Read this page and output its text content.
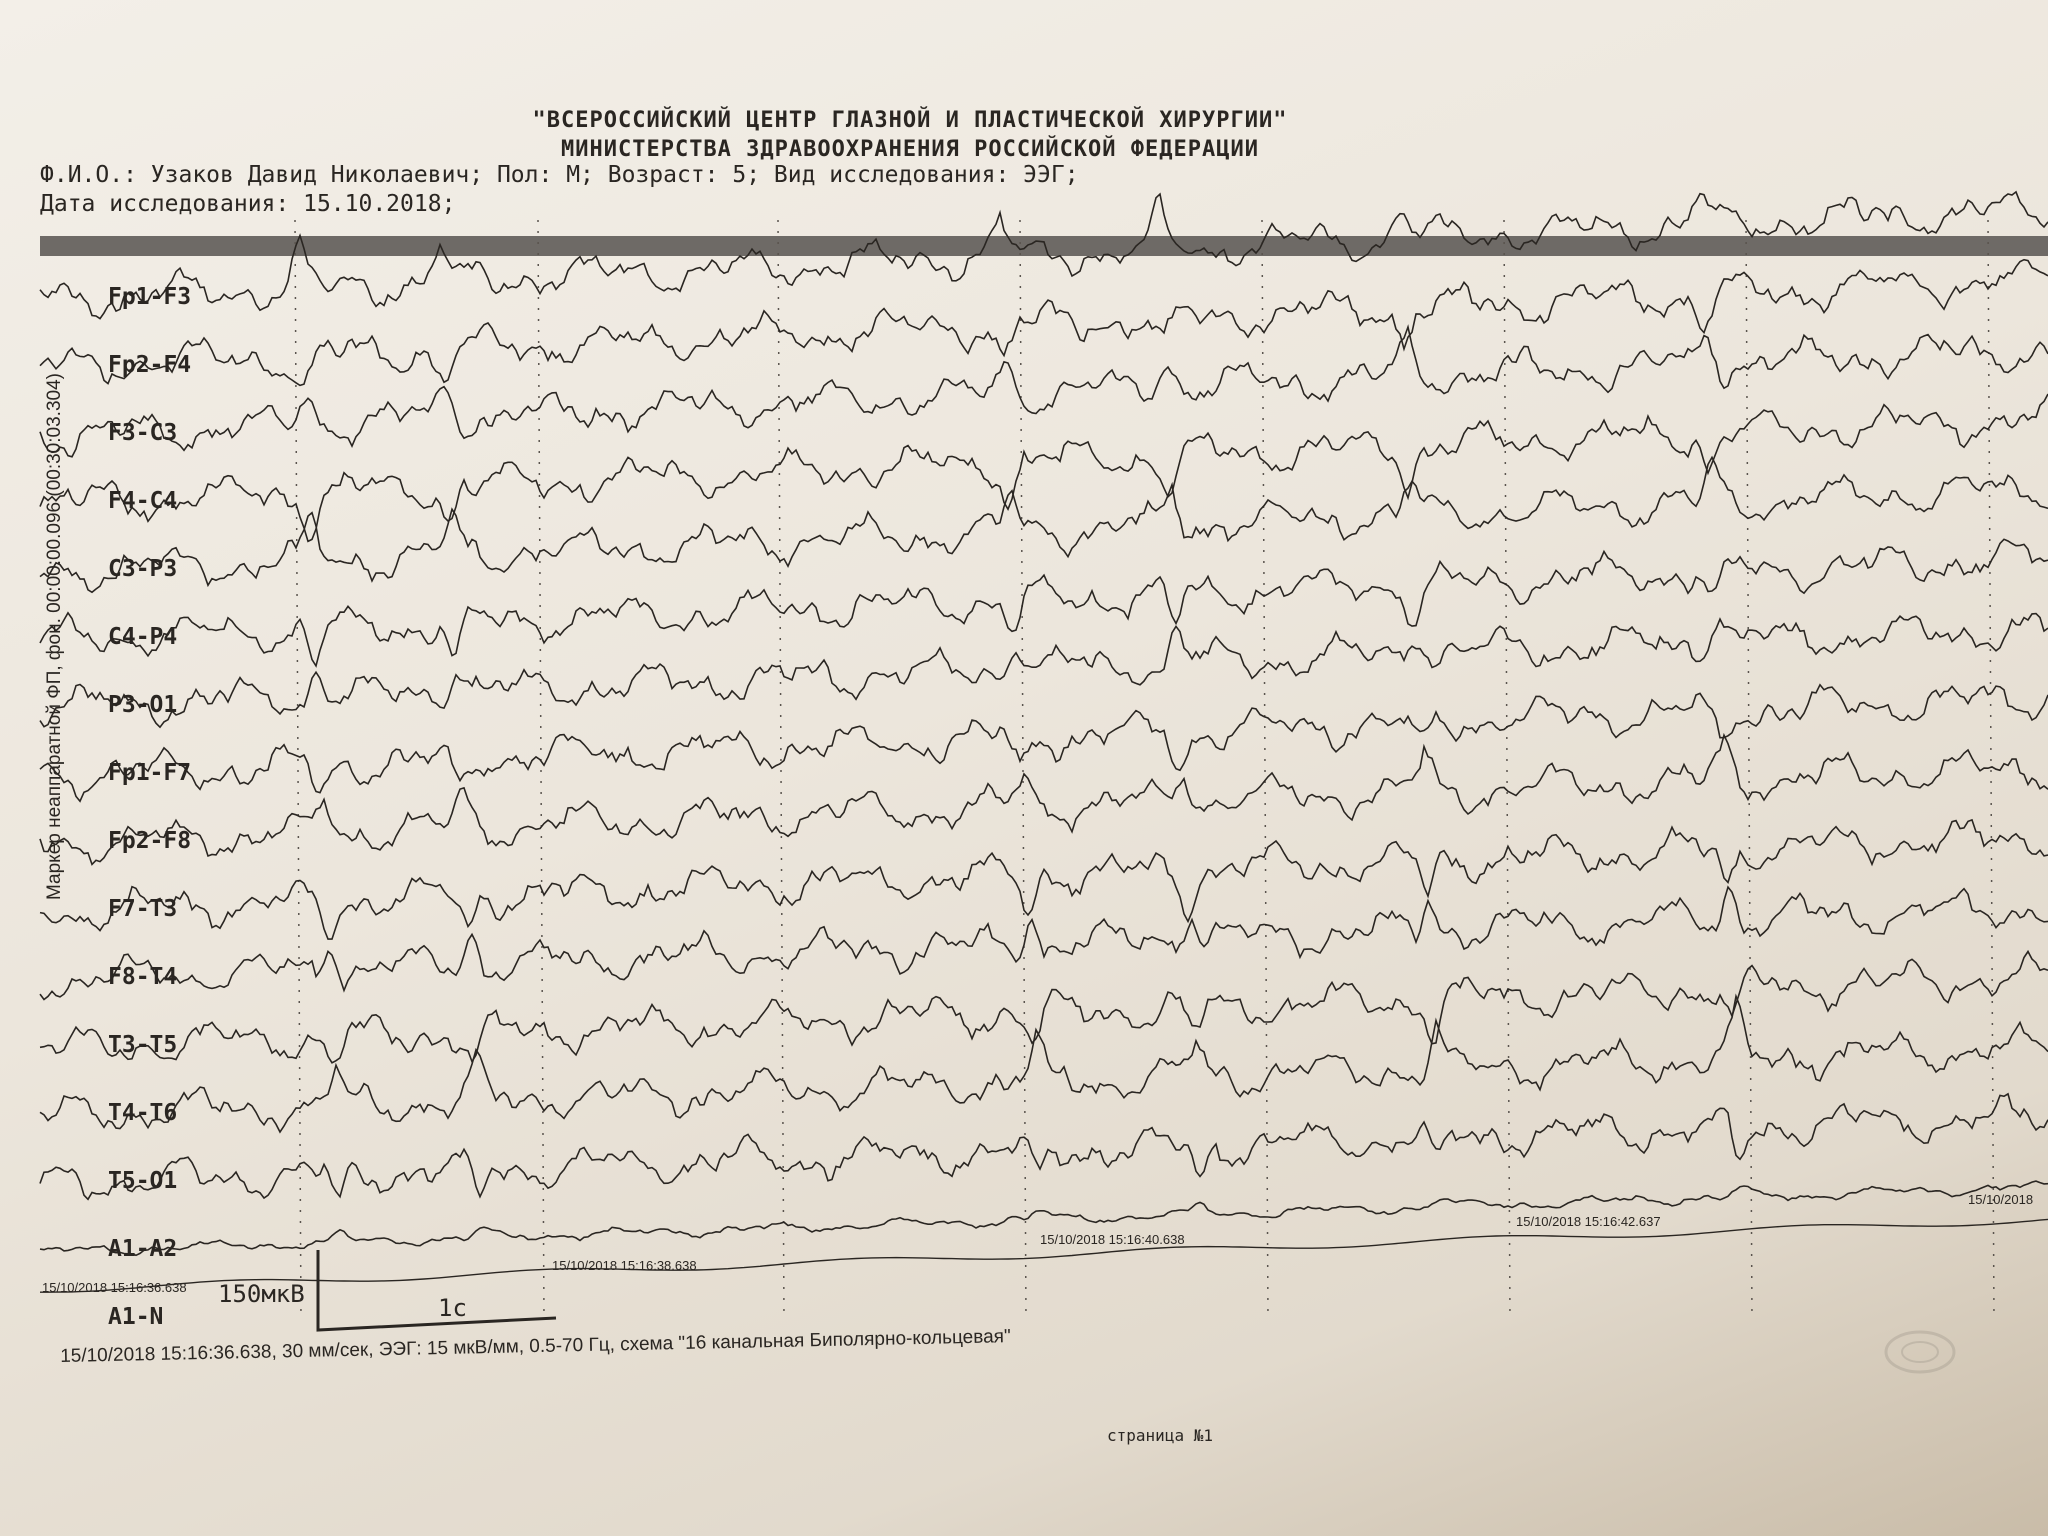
"ВСЕРОССИЙСКИЙ ЦЕНТР ГЛАЗНОЙ И ПЛАСТИЧЕСКОЙ ХИРУРГИИ"
МИНИСТЕРСТВА ЗДРАВООХРАНЕНИЯ РОССИЙСКОЙ ФЕДЕРАЦИИ
Ф.И.О.: Узаков Давид Николаевич; Пол: М; Возраст: 5; Вид исследования: ЭЭГ;
Дата исследования: 15.10.2018;
Маркер неаппаратной ФП, фон. 00:00:00.096 (00:30:03.304)
Fp1-F3
Fp2-F4
F3-C3
F4-C4
C3-P3
C4-P4
P3-O1
Fp1-F7
Fp2-F8
F7-T3
F8-T4
T3-T5
T4-T6
T5-O1
A1-A2
A1-N
15/10/2018 15:16:36.638
15/10/2018 15:16:38.638
15/10/2018 15:16:40.638
15/10/2018 15:16:42.637
15/10/2018
150мкВ	1с
15/10/2018 15:16:36.638, 30 мм/сек, ЭЭГ: 15 мкВ/мм, 0.5-70 Гц, схема "16 канальная Биполярно-кольцевая"
страница №1
